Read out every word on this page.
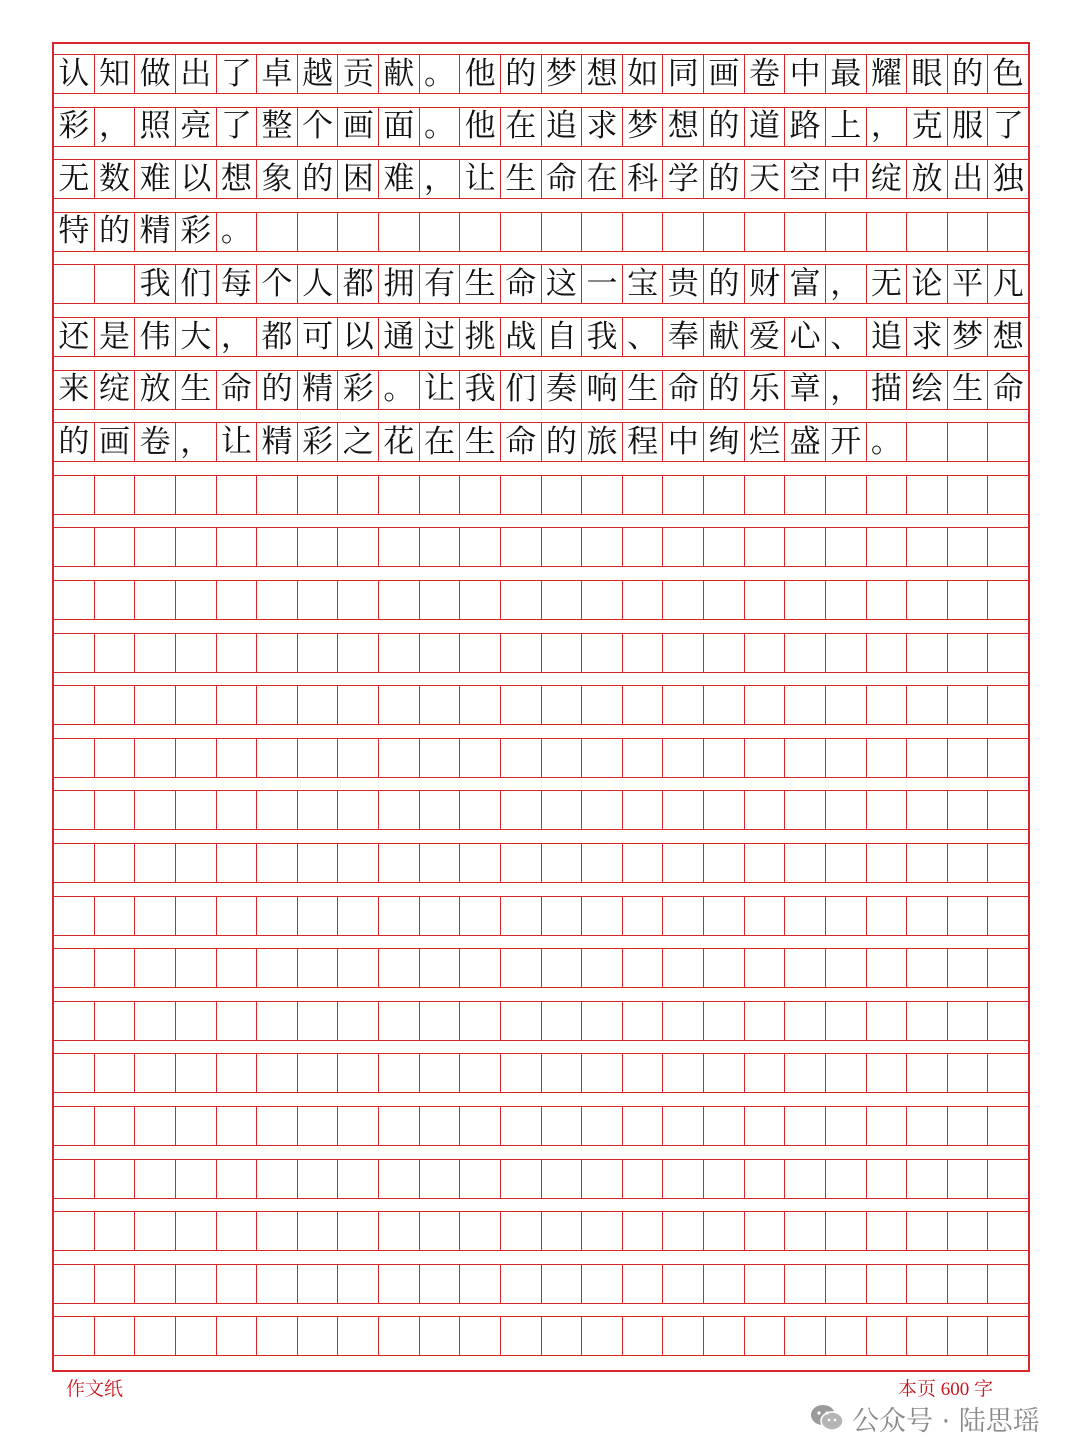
认 知 做 出 了 卓 越 贡 献 。 他 的 梦 想 如 同 画 卷 中 最 耀 眼 的 色
彩 ， 照 亮 了 整 个 画 面 。 他 在 追 求 梦 想 的 道 路 上 ， 克 服 了
无 数 难 以 想 象 的 困 难 ， 让 生 命 在 科 学 的 天 空 中 绽 放 出 独
特 的 精 彩 。
我 们 每 个 人 都 拥 有 生 命 这 一 宝 贵 的 财 富 ， 无 论 平 凡
还 是 伟 大 ， 都 可 以 通 过 挑 战 自 我 、 奉 献 爱 心 、 追 求 梦 想
来 绽 放 生 命 的 精 彩 。 让 我 们 奏 响 生 命 的 乐 章 ， 描 绘 生 命
的 画 卷 ， 让 精 彩 之 花 在 生 命 的 旅 程 中 绚 烂 盛 开 。
作文纸	本页 600 字
公众号 · 陆思瑶
